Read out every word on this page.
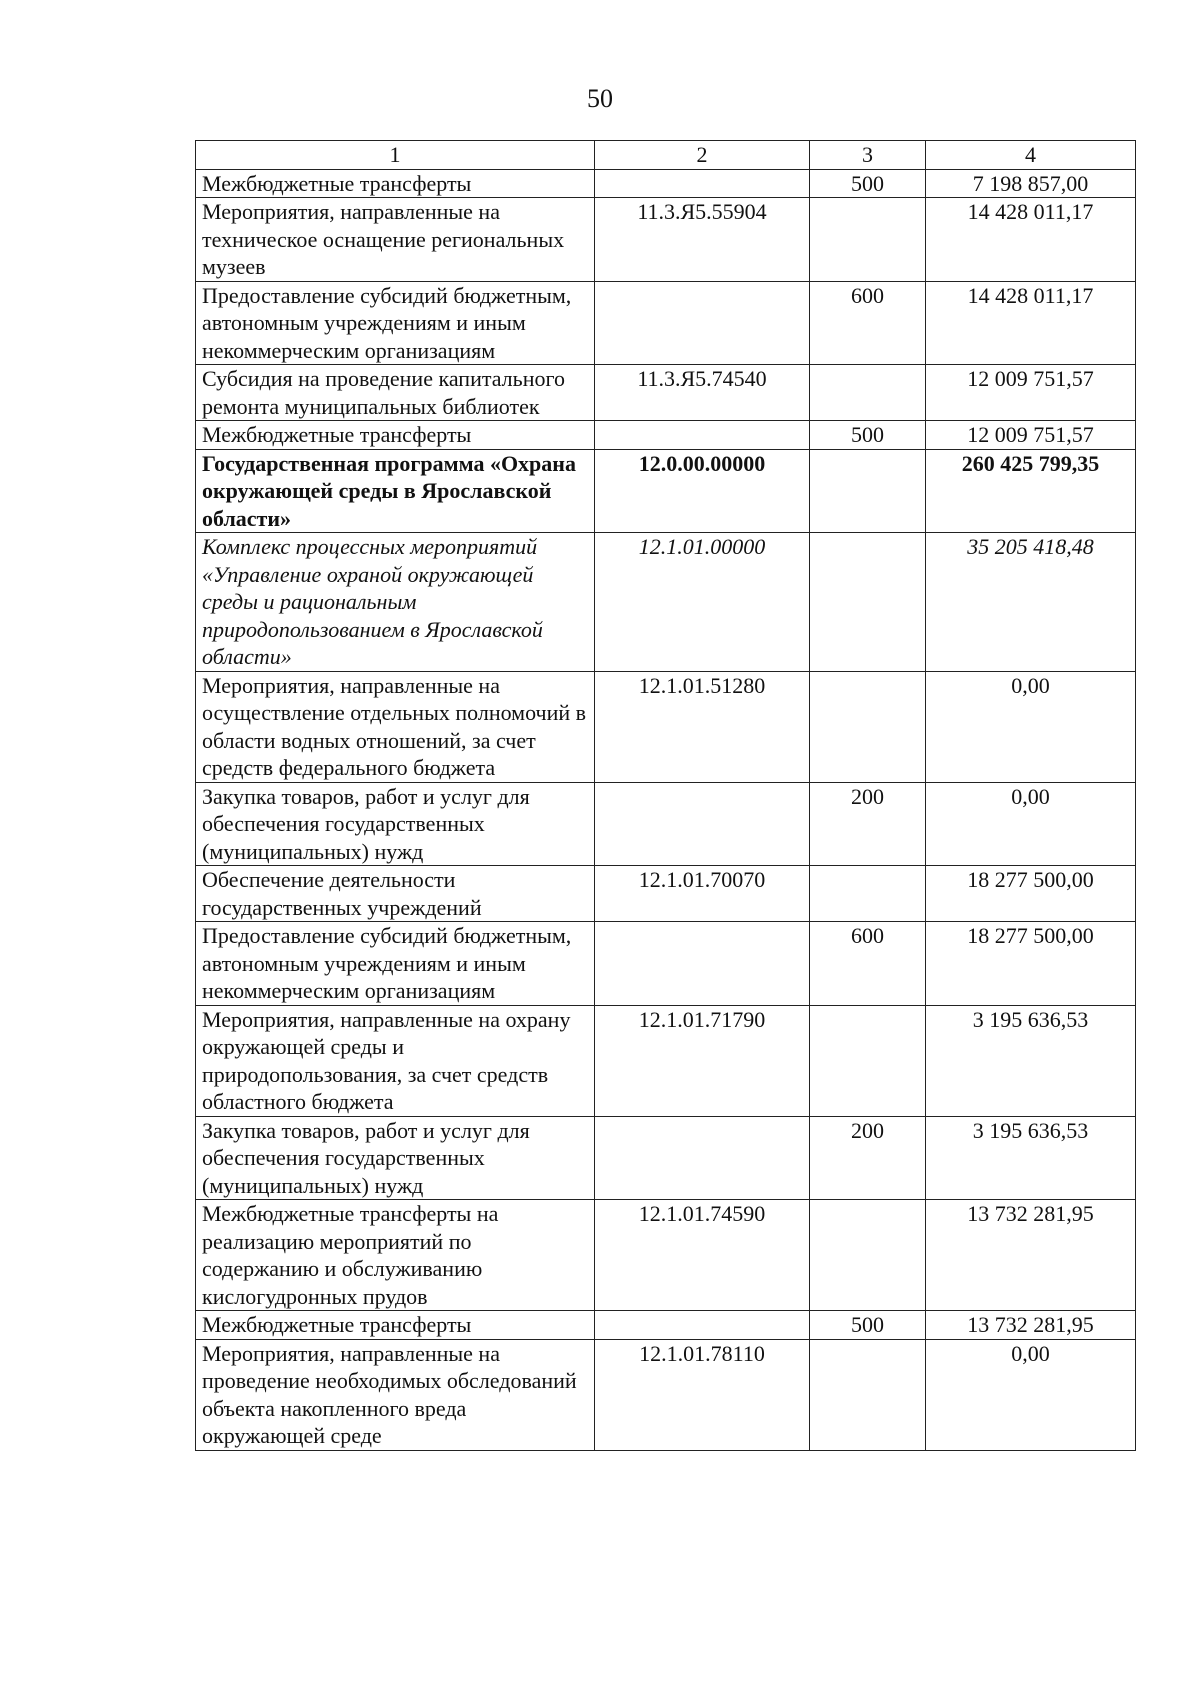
50
1	2	3	4
Межбюджетные трансферты		500	7 198 857,00
Мероприятия, направленные на техническое оснащение региональных музеев	11.3.Я5.55904		14 428 011,17
Предоставление субсидий бюджетным, автономным учреждениям и иным некоммерческим организациям		600	14 428 011,17
Субсидия на проведение капитального ремонта муниципальных библиотек	11.3.Я5.74540		12 009 751,57
Межбюджетные трансферты		500	12 009 751,57
Государственная программа «Охрана окружающей среды в Ярославской области»	12.0.00.00000		260 425 799,35
Комплекс процессных мероприятий «Управление охраной окружающей среды и рациональным природопользованием в Ярославской области»	12.1.01.00000		35 205 418,48
Мероприятия, направленные на осуществление отдельных полномочий в области водных отношений, за счет средств федерального бюджета	12.1.01.51280		0,00
Закупка товаров, работ и услуг для обеспечения государственных (муниципальных) нужд		200	0,00
Обеспечение деятельности государственных учреждений	12.1.01.70070		18 277 500,00
Предоставление субсидий бюджетным, автономным учреждениям и иным некоммерческим организациям		600	18 277 500,00
Мероприятия, направленные на охрану окружающей среды и природопользования, за счет средств областного бюджета	12.1.01.71790		3 195 636,53
Закупка товаров, работ и услуг для обеспечения государственных (муниципальных) нужд		200	3 195 636,53
Межбюджетные трансферты на реализацию мероприятий по содержанию и обслуживанию кислогудронных прудов	12.1.01.74590		13 732 281,95
Межбюджетные трансферты		500	13 732 281,95
Мероприятия, направленные на проведение необходимых обследований объекта накопленного вреда окружающей среде	12.1.01.78110		0,00
